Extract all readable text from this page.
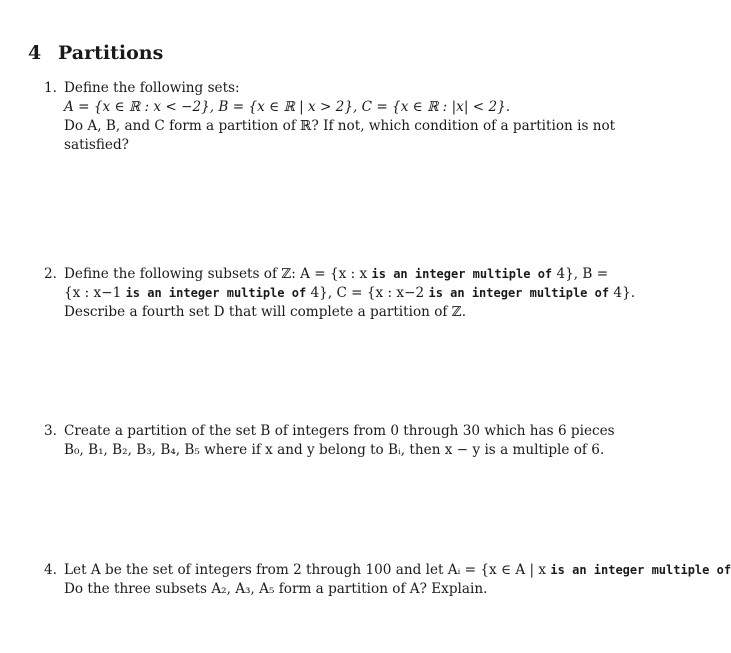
4 Partitions
1. Define the following sets:
A = {x ∈ ℝ : x < −2}, B = {x ∈ ℝ | x > 2}, C = {x ∈ ℝ : |x| < 2}.
Do A, B, and C form a partition of ℝ? If not, which condition of a partition is not
satisfied?
2. Define the following subsets of ℤ: A = {x : x is an integer multiple of 4}, B =
{x : x−1 is an integer multiple of 4}, C = {x : x−2 is an integer multiple of 4}.
Describe a fourth set D that will complete a partition of ℤ.
3. Create a partition of the set B of integers from 0 through 30 which has 6 pieces
B₀, B₁, B₂, B₃, B₄, B₅ where if x and y belong to Bᵢ, then x − y is a multiple of 6.
4. Let A be the set of integers from 2 through 100 and let Aᵢ = {x ∈ A | x is an integer multiple of
Do the three subsets A₂, A₃, A₅ form a partition of A? Explain.
